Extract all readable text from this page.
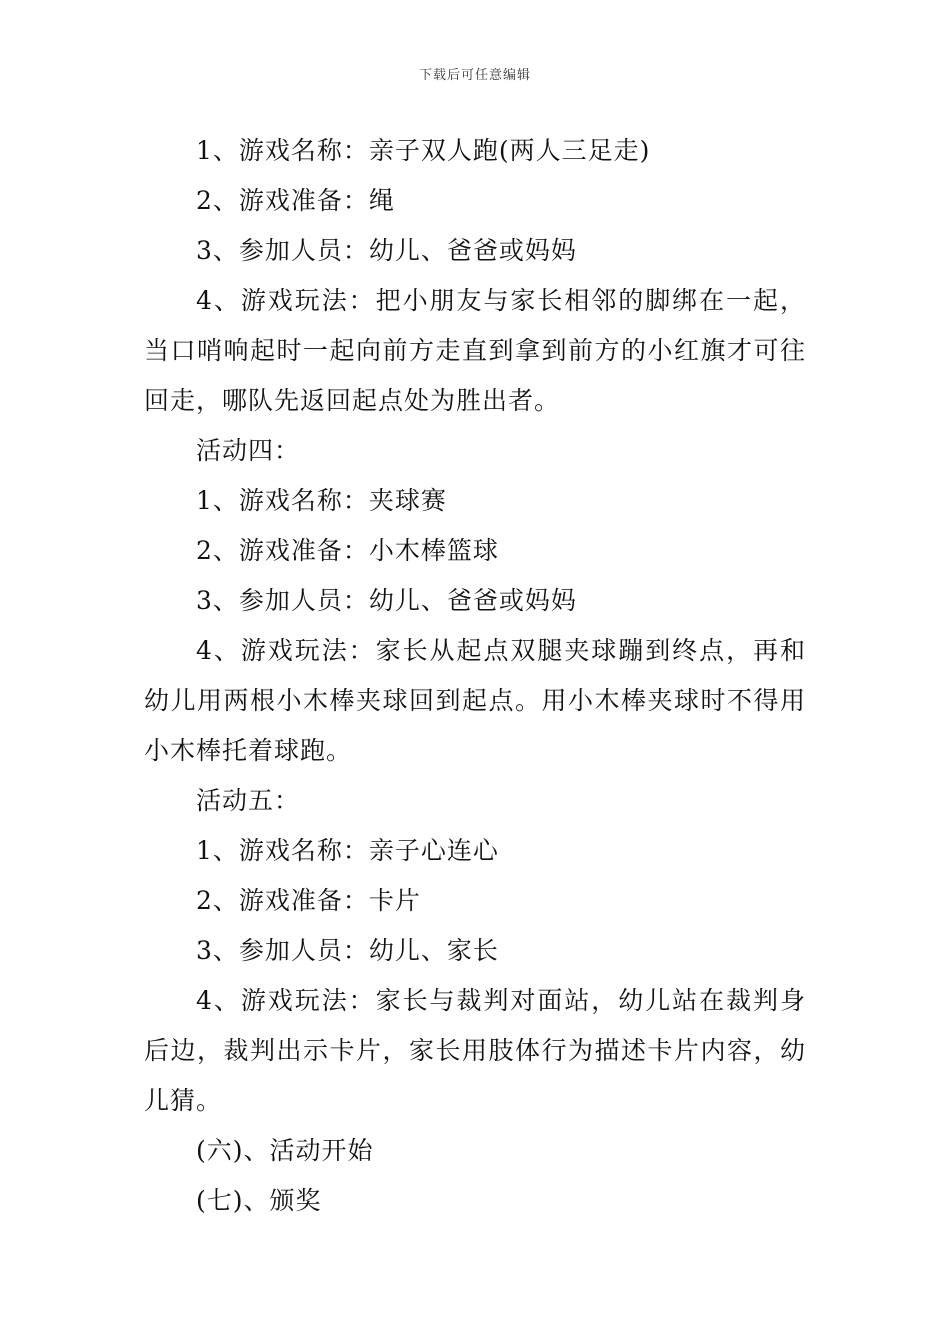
下载后可任意编辑

1、游戏名称：亲子双人跑(两人三足走)

2、游戏准备：绳

3、参加人员：幼儿、爸爸或妈妈

4、游戏玩法：把小朋友与家长相邻的脚绑在一起，当口哨响起时一起向前方走直到拿到前方的小红旗才可往回走，哪队先返回起点处为胜出者。

活动四：

1、游戏名称：夹球赛

2、游戏准备：小木棒篮球

3、参加人员：幼儿、爸爸或妈妈

4、游戏玩法：家长从起点双腿夹球蹦到终点，再和幼儿用两根小木棒夹球回到起点。用小木棒夹球时不得用小木棒托着球跑。

活动五：

1、游戏名称：亲子心连心

2、游戏准备：卡片

3、参加人员：幼儿、家长

4、游戏玩法：家长与裁判对面站，幼儿站在裁判身后边，裁判出示卡片，家长用肢体行为描述卡片内容，幼儿猜。

(六)、活动开始

(七)、颁奖
